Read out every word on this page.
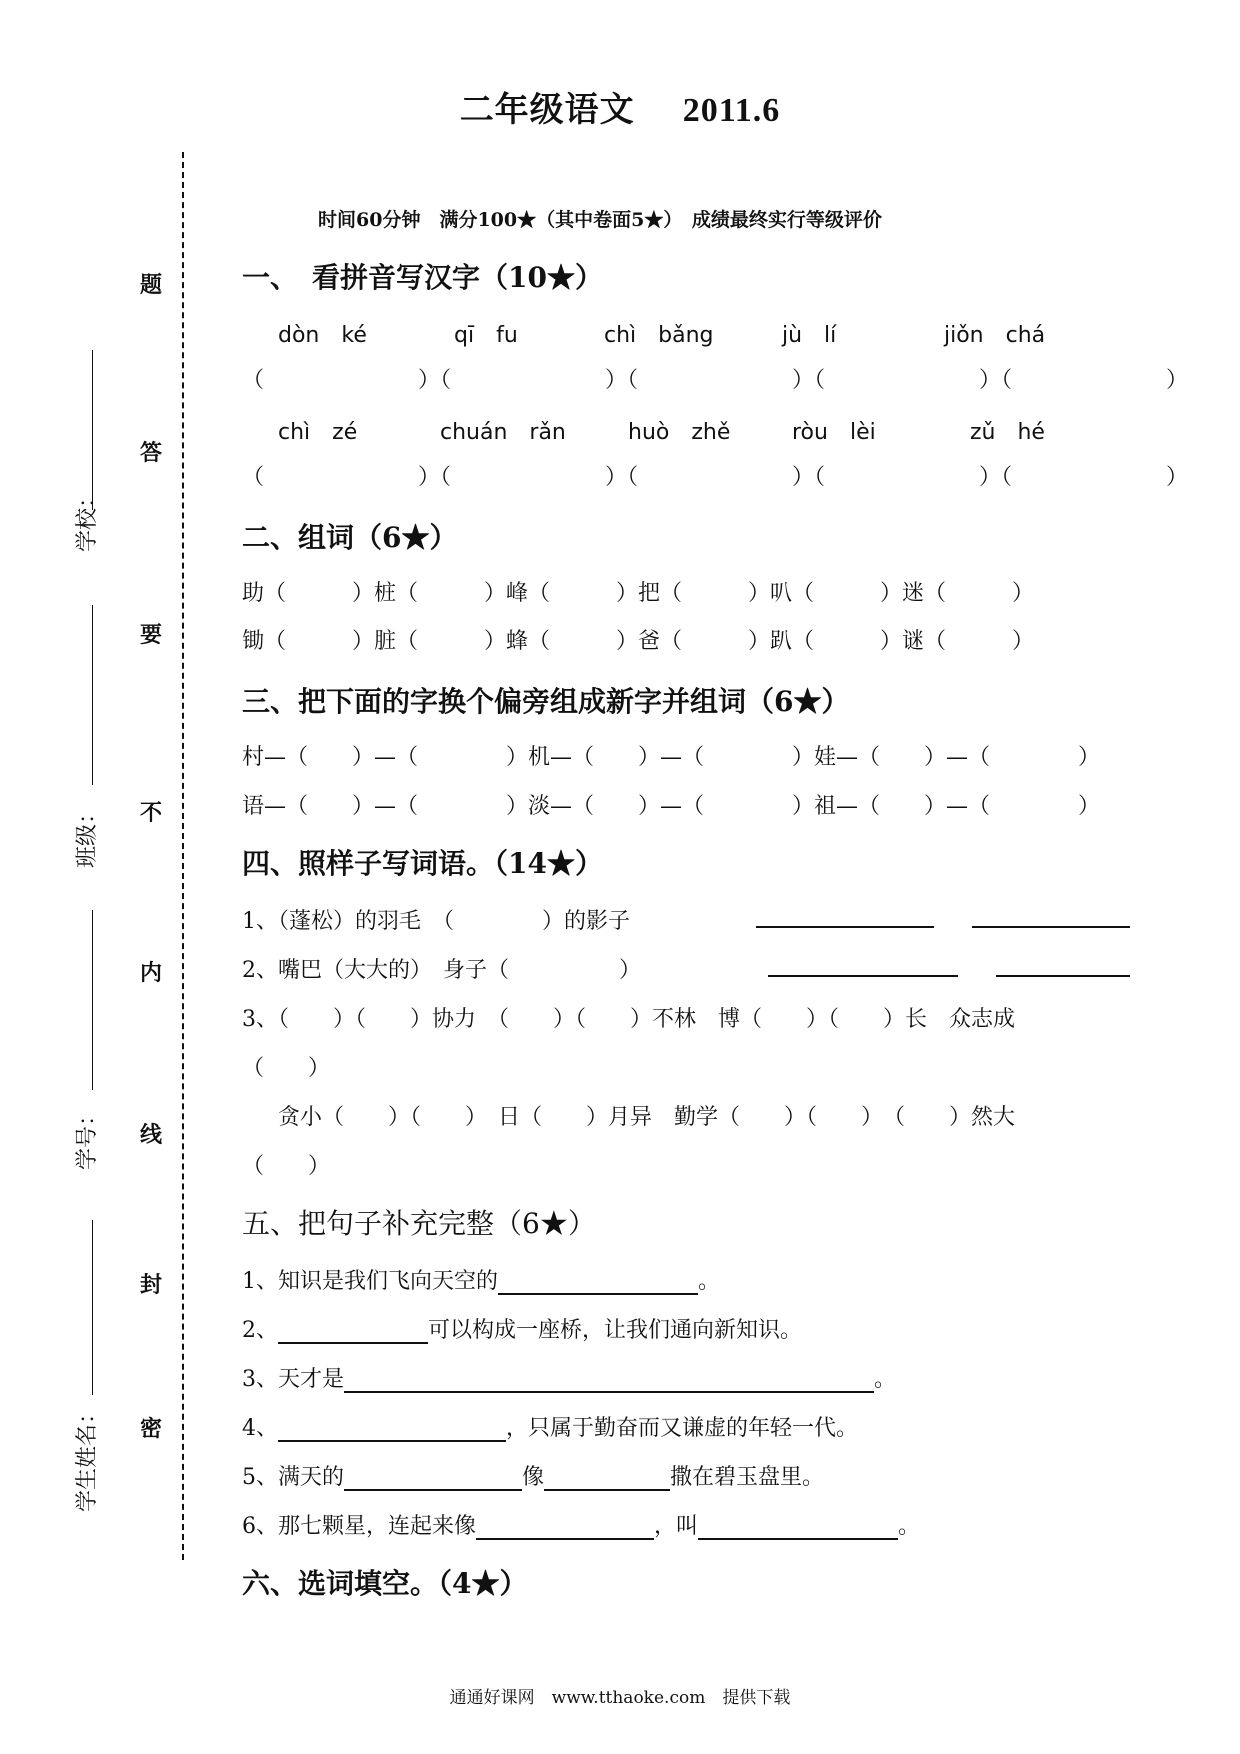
二年级语文 2011.6
时间60分钟　满分100★（其中卷面5★）　成绩最终实行等级评价
题
答
要
不
内
线
封
密
学校：
班级：
学号：
学生姓名：
一、　看拼音写汉字（10★）
dòn　ké	qī　fu	chì　bǎng	jù　lí	jiǒn　chá
（　　　　　　　）（　　　　　　　）（　　　　　　　）（　　　　　　　）（　　　　　　　）
chì　zé	chuán　rǎn	huò　zhě	ròu　lèi	zǔ　hé
（　　　　　　　）（　　　　　　　）（　　　　　　　）（　　　　　　　）（　　　　　　　）
二、组词（6★）
助（　　　）桩（　　　）峰（　　　）把（　　　）叭（　　　）迷（　　　）
锄（　　　）脏（　　　）蜂（　　　）爸（　　　）趴（　　　）谜（　　　）
三、把下面的字换个偏旁组成新字并组词（6★）
村—（　　）—（　　　　）机—（　　）—（　　　　）娃—（　　）—（　　　　）
语—（　　）—（　　　　）淡—（　　）—（　　　　）祖—（　　）—（　　　　）
四、照样子写词语。（14★）
1、（蓬松）的羽毛　（　　　　）的影子
2、嘴巴（大大的）　身子（　　　　　）
3、（　　）（　　）协力　（　　）（　　）不林　博（　　）（　　）长　众志成
（　　）
贪小（　　）（　　）　日（　　）月异　勤学（　　）（　　）　（　　）然大
（　　）
五、把句子补充完整（6★）
1、知识是我们飞向天空的	。
2、	可以构成一座桥，让我们通向新知识。
3、天才是	。
4、	，只属于勤奋而又谦虚的年轻一代。
5、满天的	像	撒在碧玉盘里。
6、那七颗星，连起来像	，叫	。
六、选词填空。（4★）
通通好课网　www.tthaoke.com　提供下载
